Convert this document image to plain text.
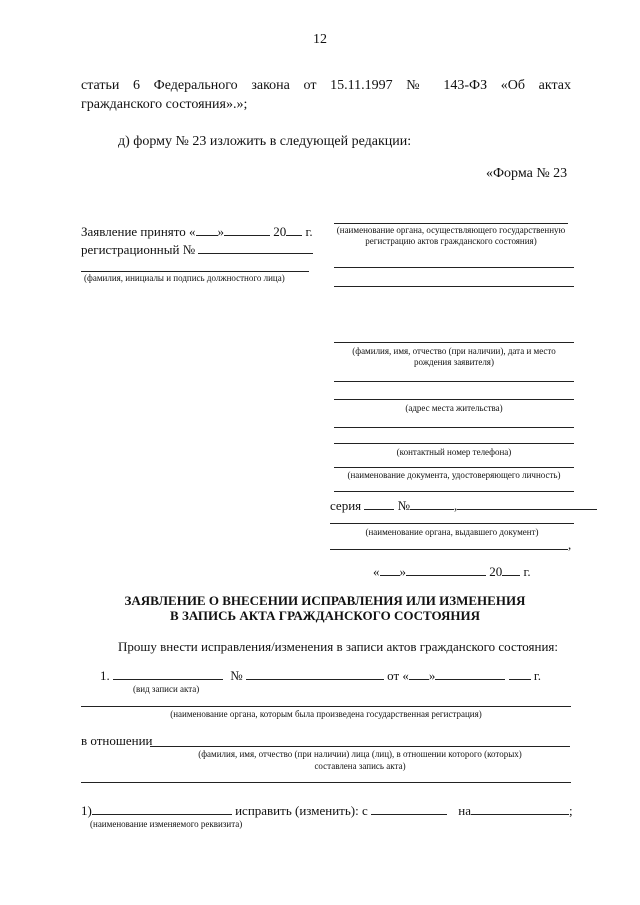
12
статьи 6 Федерального закона от 15.11.1997 № 143-ФЗ «Об актах
гражданского состояния».»;
д) форму № 23 изложить в следующей редакции:
«Форма № 23
Заявление принято « »	20 г.
регистрационный №
(фамилия, инициалы и подпись должностного лица)
(наименование органа, осуществляющего государственную регистрацию актов гражданского состояния)
(фамилия, имя, отчество (при наличии), дата и место рождения заявителя)
(адрес места жительства)
(контактный номер телефона)
(наименование документа, удостоверяющего личность)
серия	№	,
(наименование органа, выдавшего документ)
,
« »	20 г.
ЗАЯВЛЕНИЕ О ВНЕСЕНИИ ИСПРАВЛЕНИЯ ИЛИ ИЗМЕНЕНИЯ
В ЗАПИСЬ АКТА ГРАЖДАНСКОГО СОСТОЯНИЯ
Прошу внести исправления/изменения в записи актов гражданского состояния:
1.	№	от « »	г.
(вид записи акта)
(наименование органа, которым была произведена государственная регистрация)
в отношении
(фамилия, имя, отчество (при наличии) лица (лиц), в отношении которого (которых)
составлена запись акта)
1)	исправить (изменить): с	на	;
(наименование изменяемого реквизита)
